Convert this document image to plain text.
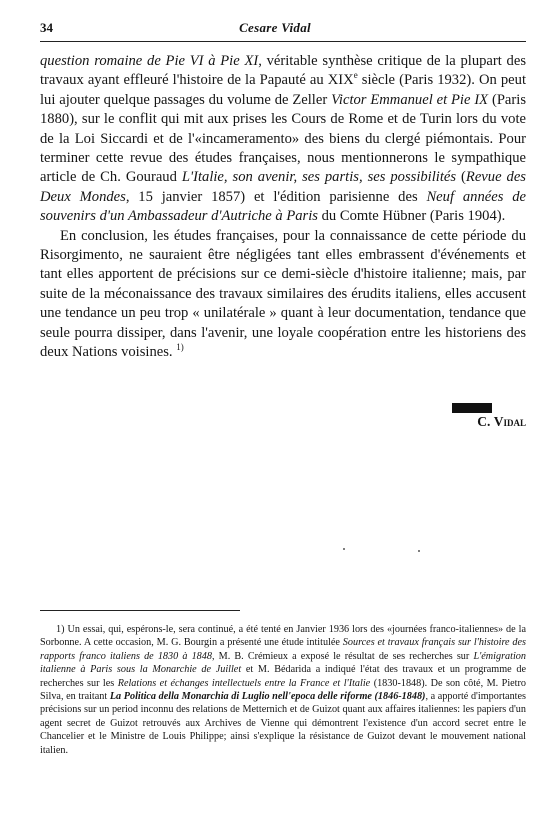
34	Cesare Vidal

question romaine de Pie VI à Pie XI, véritable synthèse critique de la plupart des travaux ayant effleuré l'histoire de la Papauté au XIXe siècle (Paris 1932). On peut lui ajouter quelque passages du volume de Zeller Victor Emmanuel et Pie IX (Paris 1880), sur le conflit qui mit aux prises les Cours de Rome et de Turin lors du vote de la Loi Siccardi et de l'«incameramento» des biens du clergé piémontais. Pour terminer cette revue des études françaises, nous mentionnerons le sympathique article de Ch. Gouraud L'Italie, son avenir, ses partis, ses possibilités (Revue des Deux Mondes, 15 janvier 1857) et l'édition parisienne des Neuf années de souvenirs d'un Ambassadeur d'Autriche à Paris du Comte Hübner (Paris 1904).

En conclusion, les études françaises, pour la connaissance de cette période du Risorgimento, ne sauraient être négligées tant elles embrassent d'événements et tant elles apportent de précisions sur ce demi-siècle d'histoire italienne; mais, par suite de la méconaissance des travaux similaires des érudits italiens, elles accusent une tendance un peu trop « unilatérale » quant à leur documentation, tendance que seule pourra dissiper, dans l'avenir, une loyale coopération entre les historiens des deux Nations voisines. $^{1)}$

C. Vidal

1) Un essai, qui, espérons-le, sera continué, a été tenté en Janvier 1936 lors des «journées franco-italiennes» de la Sorbonne. A cette occasion, M. G. Bourgin a présenté une étude intitulée Sources et travaux français sur l'histoire des rapports franco italiens de 1830 à 1848, M. B. Crémieux a exposé le résultat de ses recherches sur L'émigration italienne à Paris sous la Monarchie de Juillet et M. Bédarida a indiqué l'état des travaux et un programme de recherches sur les Relations et échanges intellectuels entre la France et l'Italie (1830-1848). De son côté, M. Pietro Silva, en traitant La Politica della Monarchia di Luglio nell'epoca delle riforme (1846-1848), a apporté d'importantes précisions sur un period inconnu des relations de Metternich et de Guizot quant aux affaires italiennes: les papiers d'un agent secret de Guizot retrouvés aux Archives de Vienne qui démontrent l'existence d'un accord secret entre le Chancelier et le Ministre de Louis Philippe; ainsi s'explique la résistance de Guizot devant le mouvement national italien.
